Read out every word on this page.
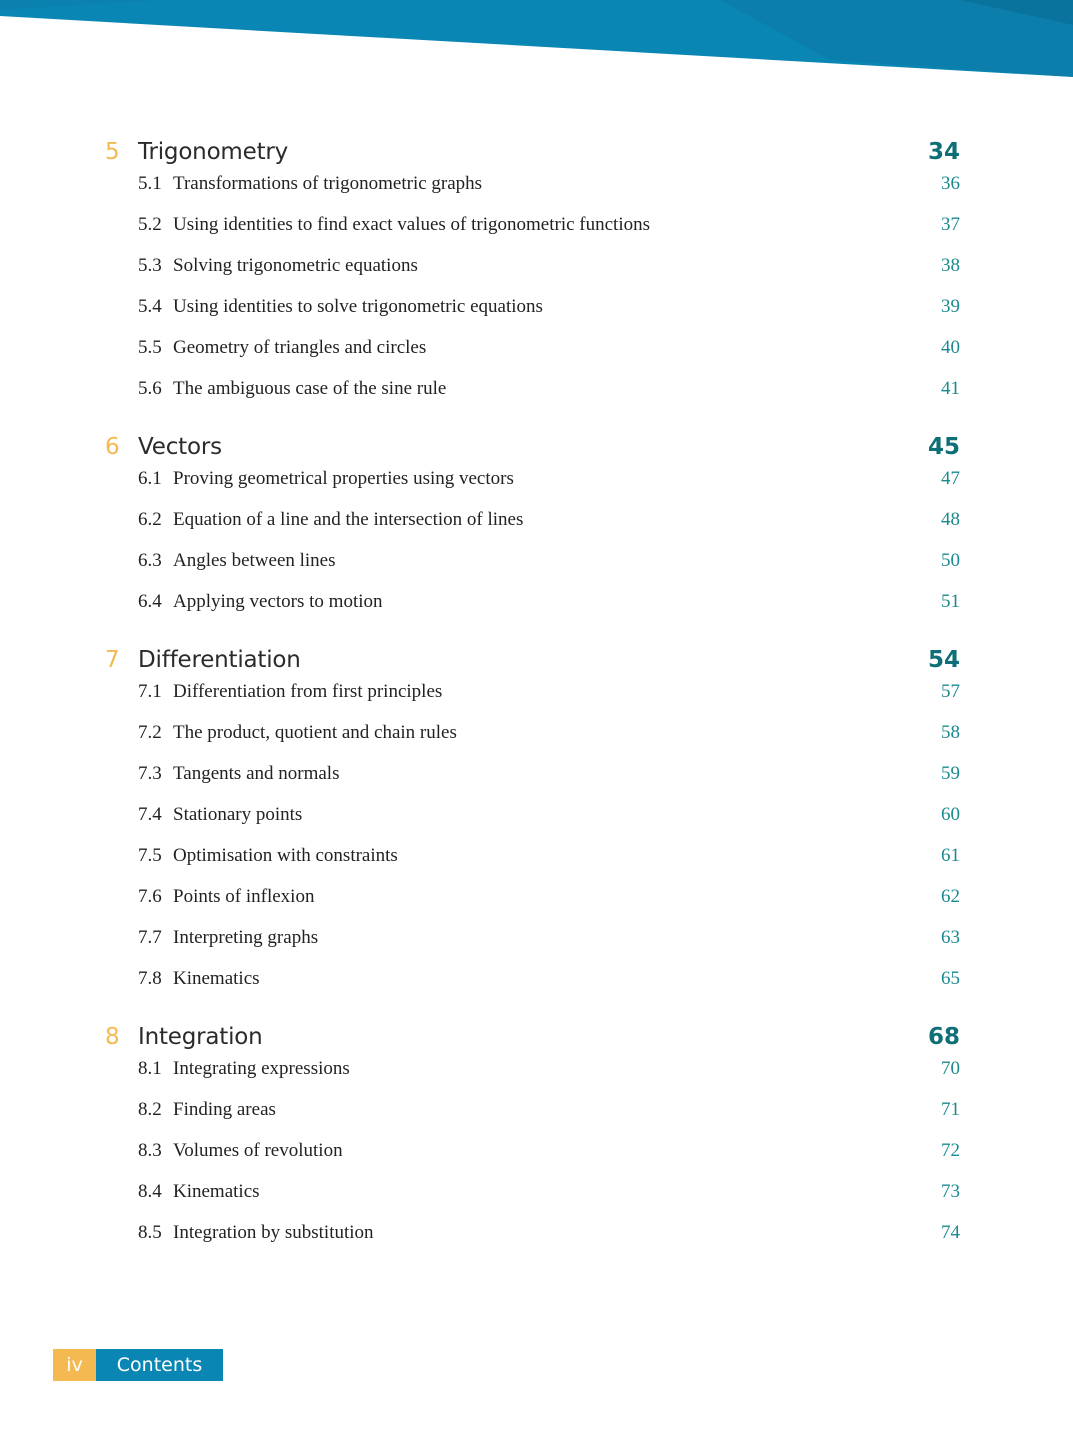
5 Trigonometry	34
5.1 Transformations of trigonometric graphs	36
5.2 Using identities to find exact values of trigonometric functions	37
5.3 Solving trigonometric equations	38
5.4 Using identities to solve trigonometric equations	39
5.5 Geometry of triangles and circles	40
5.6 The ambiguous case of the sine rule	41
6 Vectors	45
6.1 Proving geometrical properties using vectors	47
6.2 Equation of a line and the intersection of lines	48
6.3 Angles between lines	50
6.4 Applying vectors to motion	51
7 Differentiation	54
7.1 Differentiation from first principles	57
7.2 The product, quotient and chain rules	58
7.3 Tangents and normals	59
7.4 Stationary points	60
7.5 Optimisation with constraints	61
7.6 Points of inflexion	62
7.7 Interpreting graphs	63
7.8 Kinematics	65
8 Integration	68
8.1 Integrating expressions	70
8.2 Finding areas	71
8.3 Volumes of revolution	72
8.4 Kinematics	73
8.5 Integration by substitution	74
iv	Contents
